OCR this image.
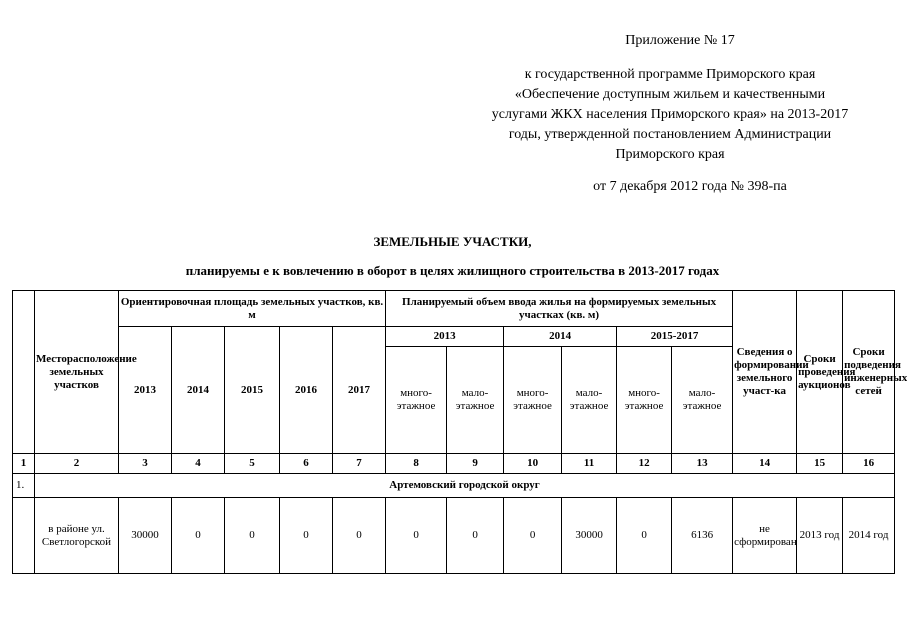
Приложение № 17
к государственной программе Приморского края
«Обеспечение доступным жильем и качественными
услугами ЖКХ населения Приморского края» на 2013-2017
годы, утвержденной постановлением Администрации
Приморского края
от 7 декабря 2012 года № 398-па
ЗЕМЕЛЬНЫЕ УЧАСТКИ,
планируемы е к вовлечению в оборот в целях жилищного строительства в 2013-2017 годах
	Месторасположение земельных участков	Ориентировочная площадь земельных участков, кв. м					Планируемый объем ввода жилья на формируемых земельных участках (кв. м)						Сведения о формировании земельного участ-ка	Сроки проведения аукционов	Сроки подведения инженерных сетей
		2013	2014	2015	2016	2017	2013		2014		2015-2017				
							много-этажное	мало-этажное	много-этажное	мало-этажное	много-этажное	мало-этажное			
1	2	3	4	5	6	7	8	9	10	11	12	13	14	15	16
1.	Артемовский городской округ														
	в районе ул. Светлогорской	30000	0	0	0	0	0	0	0	30000	0	6136	не сформирован	2013 год	2014 год
